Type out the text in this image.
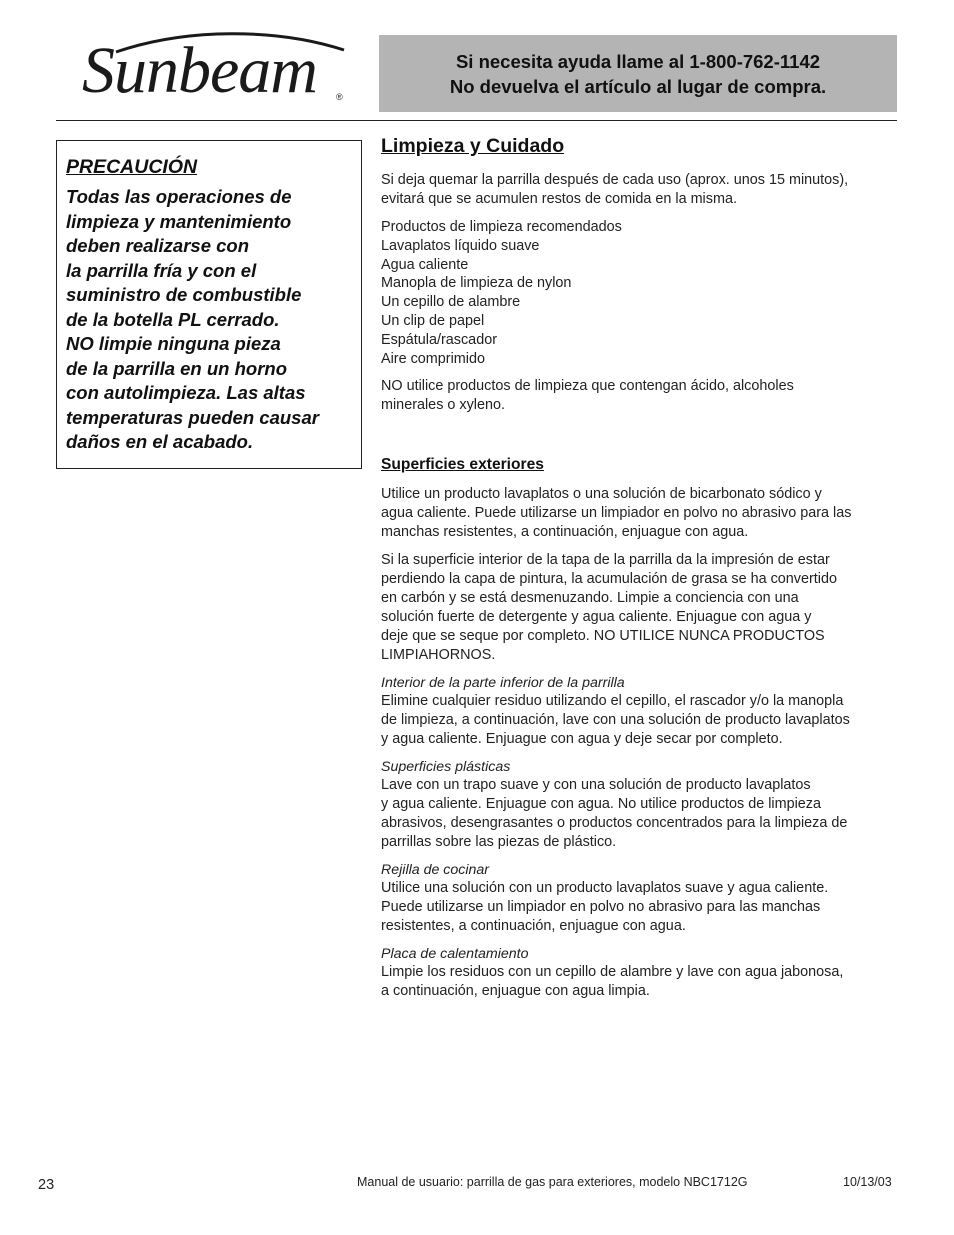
Sunbeam ®
Si necesita ayuda llame al 1-800-762-1142
No devuelva el artículo al lugar de compra.
PRECAUCIÓN
Todas las operaciones de
limpieza y mantenimiento
deben realizarse con
la parrilla fría y con el
suministro de combustible
de la botella PL cerrado.
NO limpie ninguna pieza
de la parrilla en un horno
con autolimpieza. Las altas
temperaturas pueden causar
daños en el acabado.
Limpieza y Cuidado
Si deja quemar la parrilla después de cada uso (aprox. unos 15 minutos),
evitará que se acumulen restos de comida en la misma.
Productos de limpieza recomendados
Lavaplatos líquido suave
Agua caliente
Manopla de limpieza de nylon
Un cepillo de alambre
Un clip de papel
Espátula/rascador
Aire comprimido
NO utilice productos de limpieza que contengan ácido, alcoholes
minerales o xyleno.
Superficies exteriores
Utilice un producto lavaplatos o una solución de bicarbonato sódico y
agua caliente. Puede utilizarse un limpiador en polvo no abrasivo para las
manchas resistentes, a continuación, enjuague con agua.
Si la superficie interior de la tapa de la parrilla da la impresión de estar
perdiendo la capa de pintura, la acumulación de grasa se ha convertido
en carbón y se está desmenuzando. Limpie a conciencia con una
solución fuerte de detergente y agua caliente. Enjuague con agua y
deje que se seque por completo. NO UTILICE NUNCA PRODUCTOS
LIMPIAHORNOS.
Interior de la parte inferior de la parrilla
Elimine cualquier residuo utilizando el cepillo, el rascador y/o la manopla
de limpieza, a continuación, lave con una solución de producto lavaplatos
y agua caliente. Enjuague con agua y deje secar por completo.
Superficies plásticas
Lave con un trapo suave y con una solución de producto lavaplatos
y agua caliente. Enjuague con agua. No utilice productos de limpieza
abrasivos, desengrasantes o productos concentrados para la limpieza de
parrillas sobre las piezas de plástico.
Rejilla de cocinar
Utilice una solución con un producto lavaplatos suave y agua caliente.
Puede utilizarse un limpiador en polvo no abrasivo para las manchas
resistentes, a continuación, enjuague con agua.
Placa de calentamiento
Limpie los residuos con un cepillo de alambre y lave con agua jabonosa,
a continuación, enjuague con agua limpia.
23	Manual de usuario: parrilla de gas para exteriores, modelo NBC1712G	10/13/03
